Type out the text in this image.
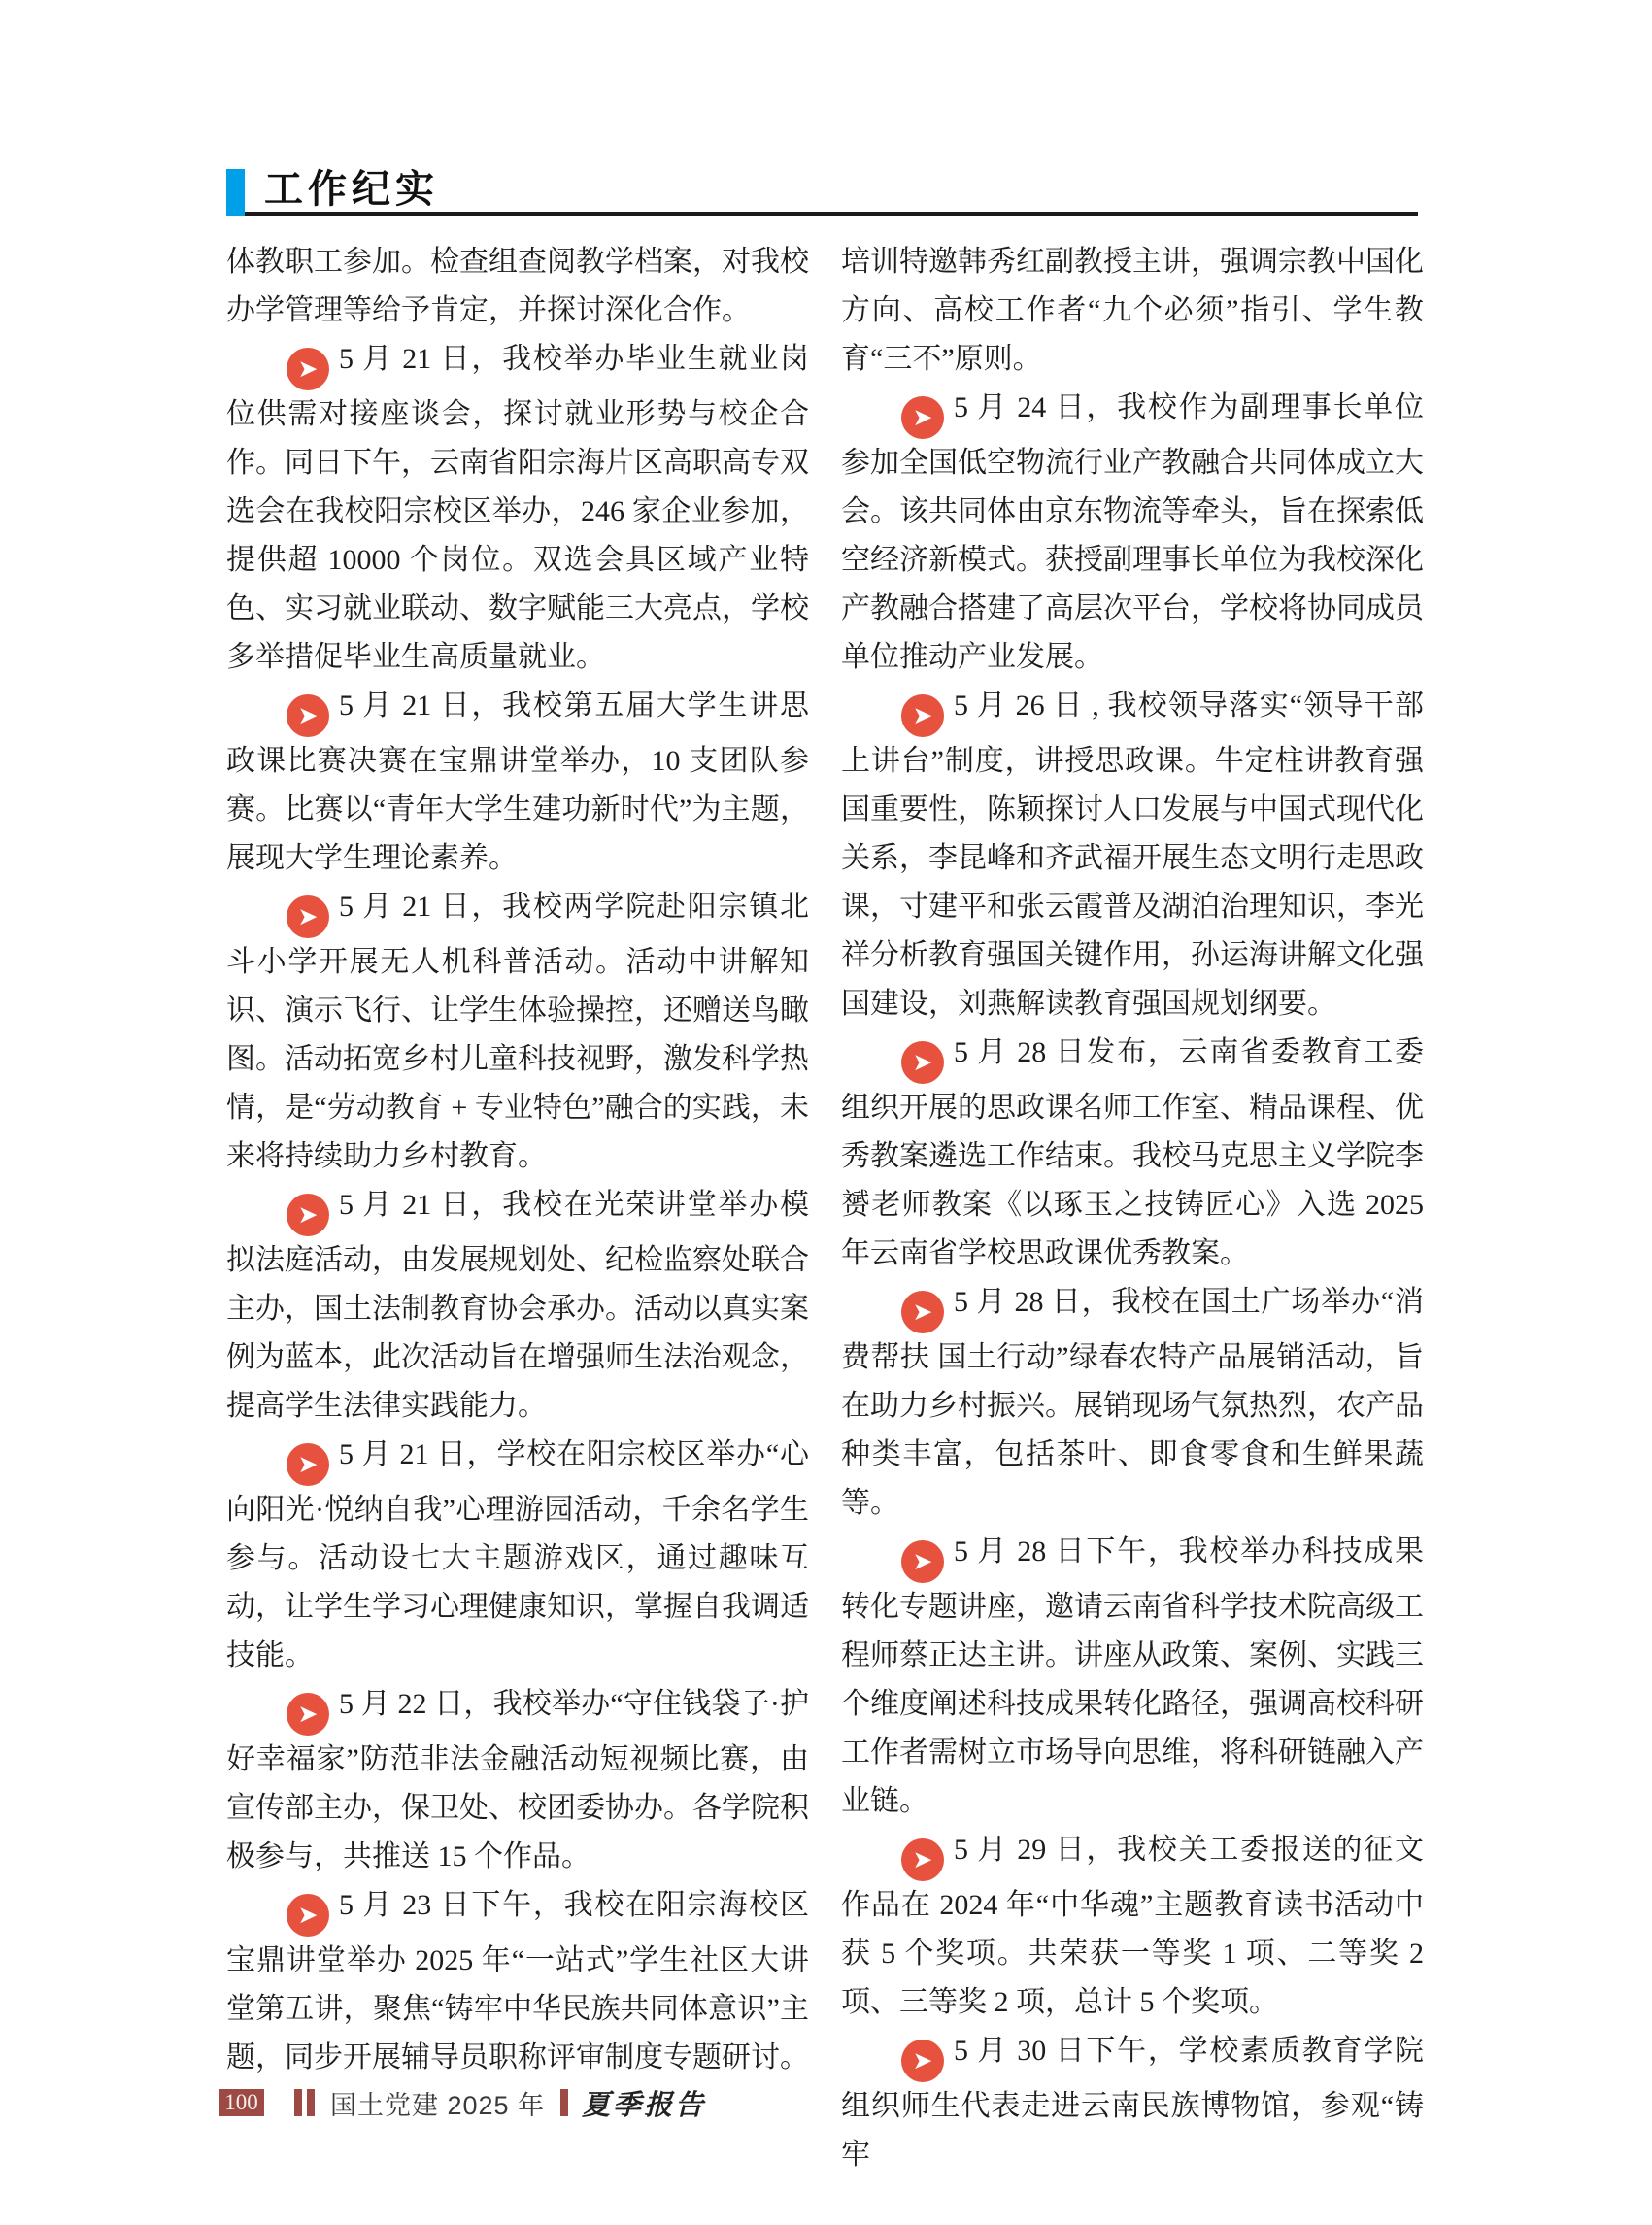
工作纪实

体教职工参加。检查组查阅教学档案，对我校办学管理等给予肯定，并探讨深化合作。

➤ 5 月 21 日，我校举办毕业生就业岗位供需对接座谈会，探讨就业形势与校企合作。同日下午，云南省阳宗海片区高职高专双选会在我校阳宗校区举办，246 家企业参加，提供超 10000 个岗位。双选会具区域产业特色、实习就业联动、数字赋能三大亮点，学校多举措促毕业生高质量就业。

➤ 5 月 21 日，我校第五届大学生讲思政课比赛决赛在宝鼎讲堂举办，10 支团队参赛。比赛以“青年大学生建功新时代”为主题，展现大学生理论素养。

➤ 5 月 21 日，我校两学院赴阳宗镇北斗小学开展无人机科普活动。活动中讲解知识、演示飞行、让学生体验操控，还赠送鸟瞰图。活动拓宽乡村儿童科技视野，激发科学热情，是“劳动教育 + 专业特色”融合的实践，未来将持续助力乡村教育。

➤ 5 月 21 日，我校在光荣讲堂举办模拟法庭活动，由发展规划处、纪检监察处联合主办，国土法制教育协会承办。活动以真实案例为蓝本，此次活动旨在增强师生法治观念，提高学生法律实践能力。

➤ 5 月 21 日，学校在阳宗校区举办“心向阳光·悦纳自我”心理游园活动，千余名学生参与。活动设七大主题游戏区，通过趣味互动，让学生学习心理健康知识，掌握自我调适技能。

➤ 5 月 22 日，我校举办“守住钱袋子·护好幸福家”防范非法金融活动短视频比赛，由宣传部主办，保卫处、校团委协办。各学院积极参与，共推送 15 个作品。

➤ 5 月 23 日下午，我校在阳宗海校区宝鼎讲堂举办 2025 年“一站式”学生社区大讲堂第五讲，聚焦“铸牢中华民族共同体意识”主题，同步开展辅导员职称评审制度专题研讨。

培训特邀韩秀红副教授主讲，强调宗教中国化方向、高校工作者“九个必须”指引、学生教育“三不”原则。

➤ 5 月 24 日，我校作为副理事长单位参加全国低空物流行业产教融合共同体成立大会。该共同体由京东物流等牵头，旨在探索低空经济新模式。获授副理事长单位为我校深化产教融合搭建了高层次平台，学校将协同成员单位推动产业发展。

➤ 5 月 26 日 , 我校领导落实“领导干部上讲台”制度，讲授思政课。牛定柱讲教育强国重要性，陈颖探讨人口发展与中国式现代化关系，李昆峰和齐武福开展生态文明行走思政课，寸建平和张云霞普及湖泊治理知识，李光祥分析教育强国关键作用，孙运海讲解文化强国建设，刘燕解读教育强国规划纲要。

➤ 5 月 28 日发布，云南省委教育工委组织开展的思政课名师工作室、精品课程、优秀教案遴选工作结束。我校马克思主义学院李赟老师教案《以琢玉之技铸匠心》入选 2025 年云南省学校思政课优秀教案。

➤ 5 月 28 日，我校在国土广场举办“消费帮扶 国土行动”绿春农特产品展销活动，旨在助力乡村振兴。展销现场气氛热烈，农产品种类丰富，包括茶叶、即食零食和生鲜果蔬等。

➤ 5 月 28 日下午，我校举办科技成果转化专题讲座，邀请云南省科学技术院高级工程师蔡正达主讲。讲座从政策、案例、实践三个维度阐述科技成果转化路径，强调高校科研工作者需树立市场导向思维，将科研链融入产业链。

➤ 5 月 29 日，我校关工委报送的征文作品在 2024 年“中华魂”主题教育读书活动中获 5 个奖项。共荣获一等奖 1 项、二等奖 2 项、三等奖 2 项，总计 5 个奖项。

➤ 5 月 30 日下午，学校素质教育学院组织师生代表走进云南民族博物馆，参观“铸牢

100	国土党建 2025 年 夏季报告
